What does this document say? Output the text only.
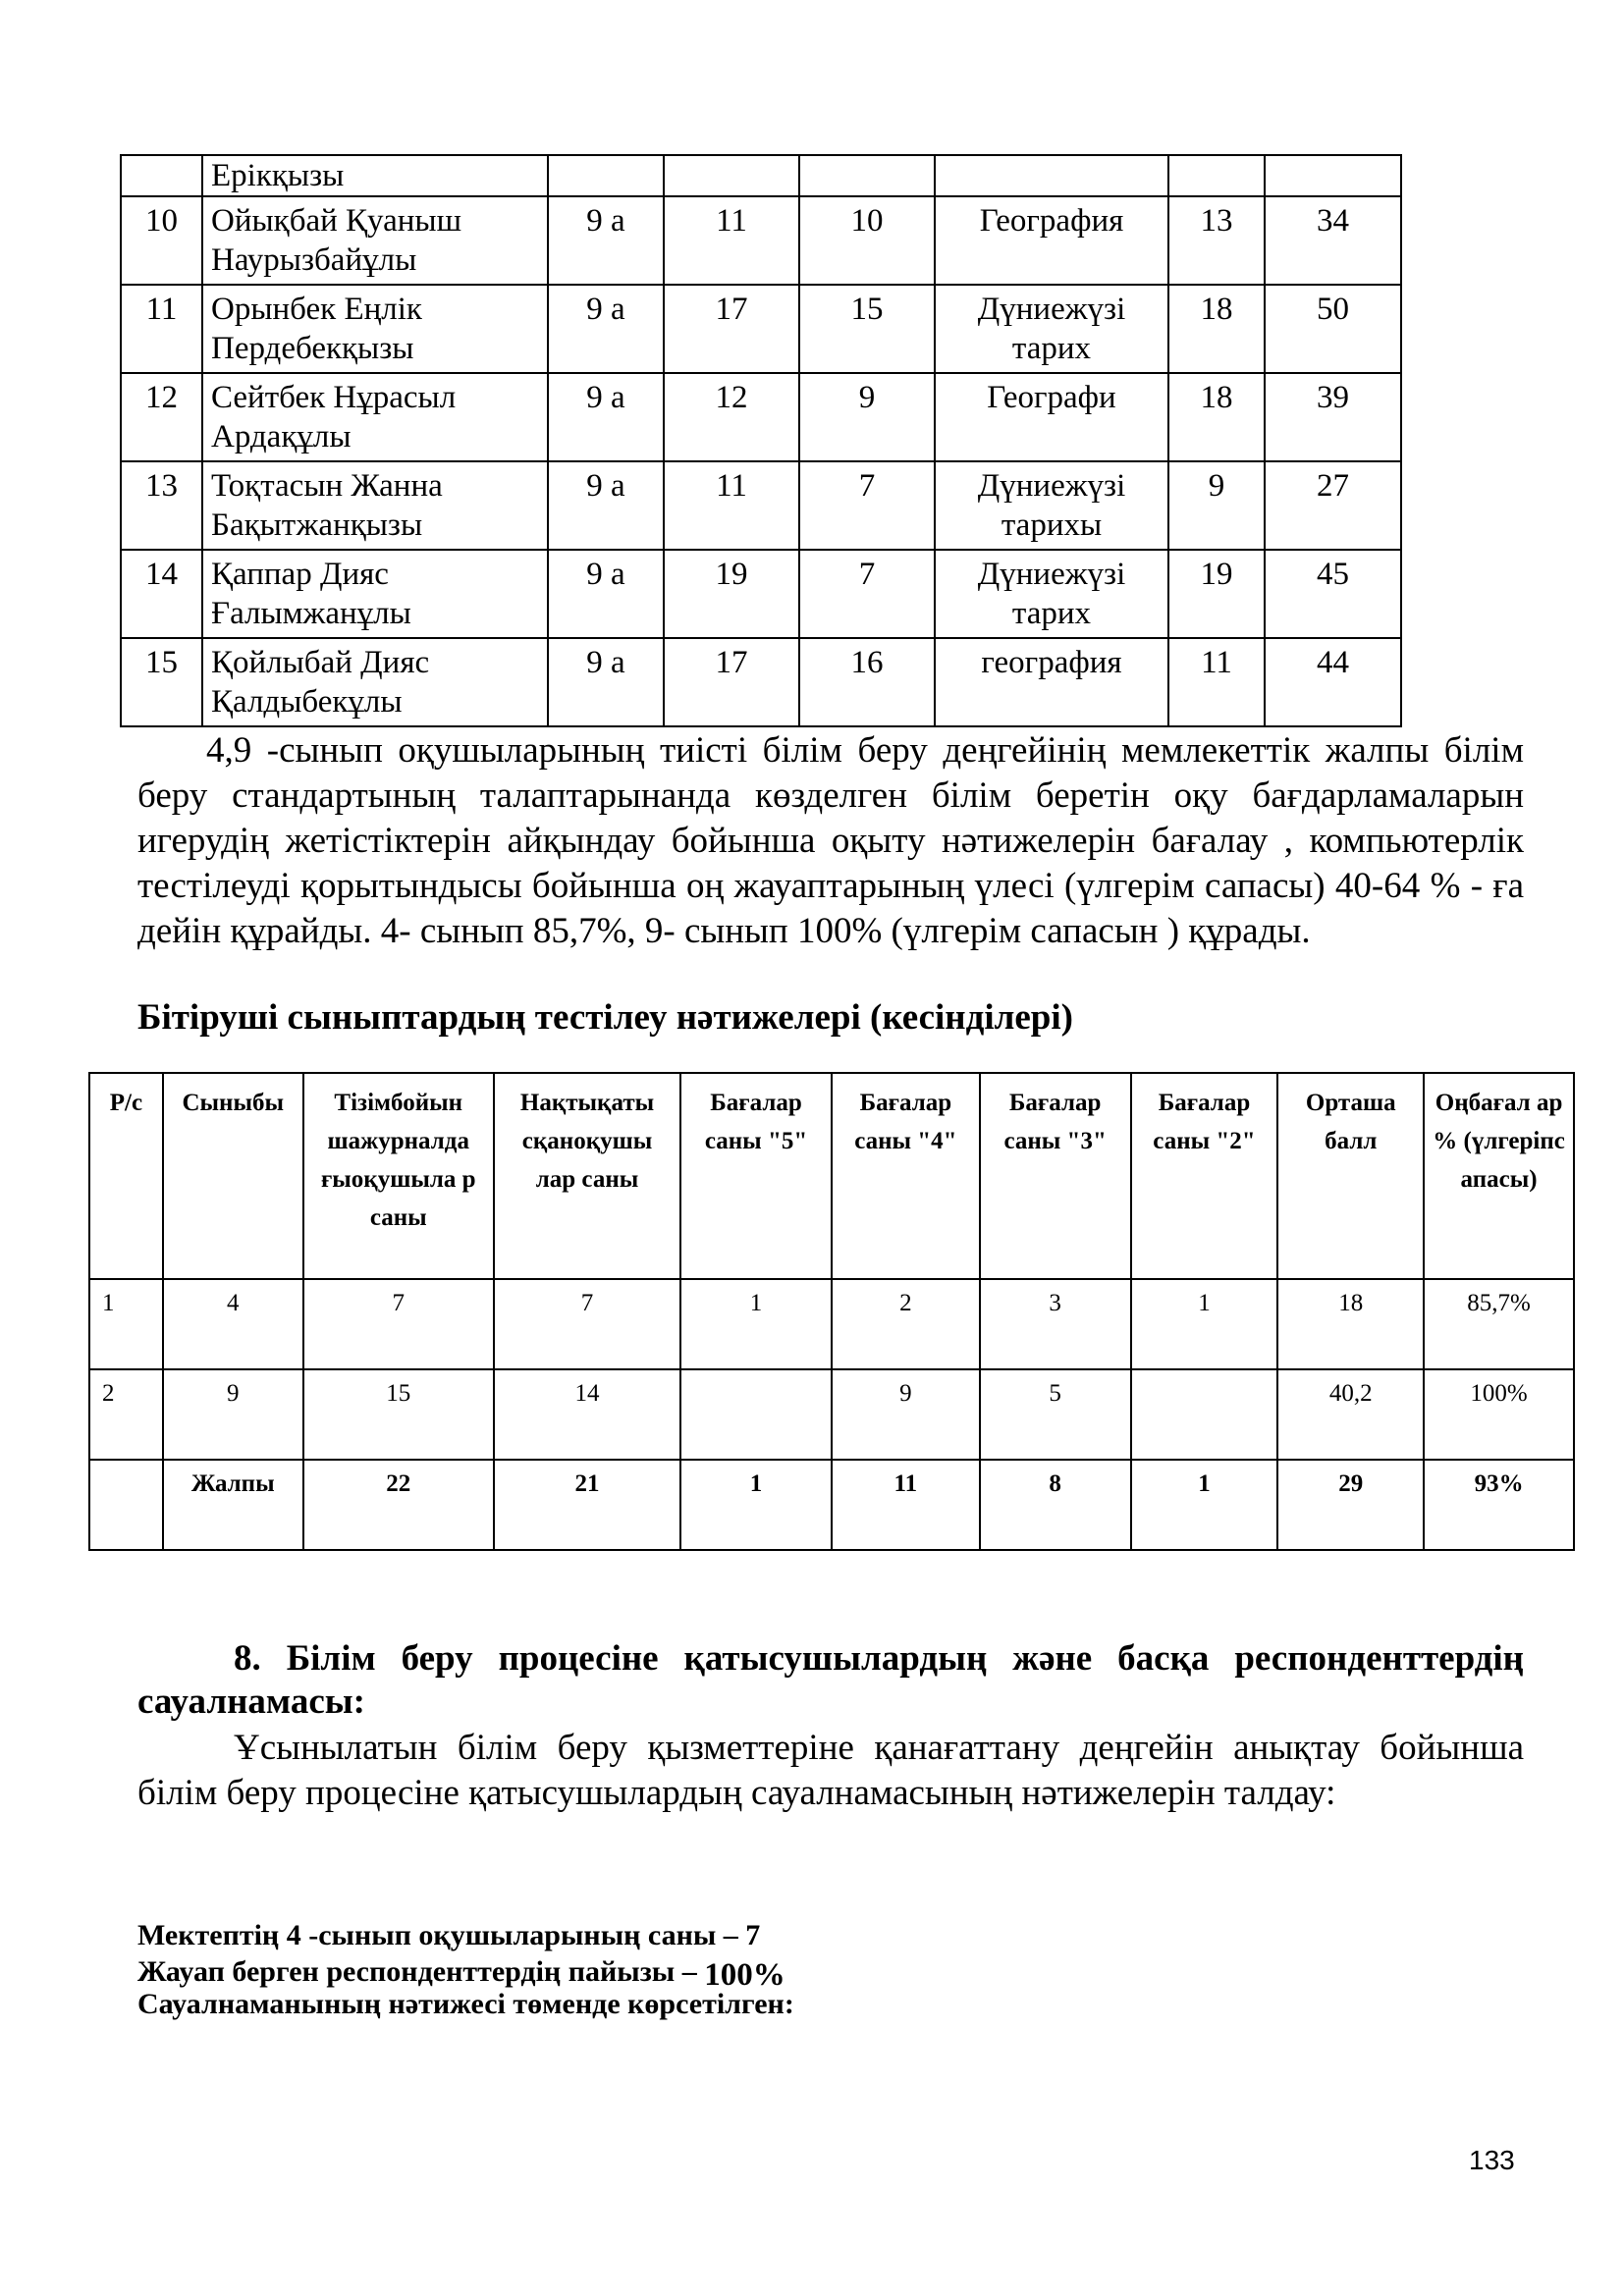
	Ерікқызы						
10	Ойықбай Қуаныш Наурызбайұлы	9 а	11	10	География	13	34
11	Орынбек Еңлік Пердебекқызы	9 а	17	15	Дүниежүзі тарих	18	50
12	Сейтбек Нұрасыл Ардақұлы	9 а	12	9	Географи	18	39
13	Тоқтасын Жанна Бақытжанқызы	9 а	11	7	Дүниежүзі тарихы	9	27
14	Қаппар Дияс Ғалымжанұлы	9 а	19	7	Дүниежүзі тарих	19	45
15	Қойлыбай Дияс Қалдыбекұлы	9 а	17	16	география	11	44
4,9 -сынып оқушыларының тиісті білім беру деңгейінің мемлекеттік жалпы білім беру стандартының талаптарынанда көзделген білім беретін оқу бағдарламаларын игерудің жетістіктерін айқындау бойынша оқыту нәтижелерін бағалау , компьютерлік тестілеуді қорытындысы бойынша оң жауаптарының үлесі (үлгерім сапасы) 40-64 % - ға дейін құрайды. 4- сынып 85,7%, 9- сынып 100% (үлгерім сапасын ) құрады.
Бітіруші сыныптардың тестілеу нәтижелері (кесінділері)
Р/с	Сыныбы	Тізімбойын шажурналда ғыоқушыла р саны	Нақтықаты сқаноқушы лар саны	Бағалар саны "5"	Бағалар саны "4"	Бағалар саны "3"	Бағалар саны "2"	Орташа балл	Оңбағал ар % (үлгеріпс апасы)
1	4	7	7	1	2	3	1	18	85,7%
2	9	15	14		9	5		40,2	100%
	Жалпы	22	21	1	11	8	1	29	93%
8. Білім беру процесіне қатысушылардың және басқа респонденттердің сауалнамасы:
Ұсынылатын білім беру қызметтеріне қанағаттану деңгейін анықтау бойынша білім беру процесіне қатысушылардың сауалнамасының нәтижелерін талдау:
Мектептің 4 -сынып оқушыларының саны – 7
Жауап берген респонденттердің пайызы – 100%
Сауалнаманының нәтижесі төменде көрсетілген:
133
